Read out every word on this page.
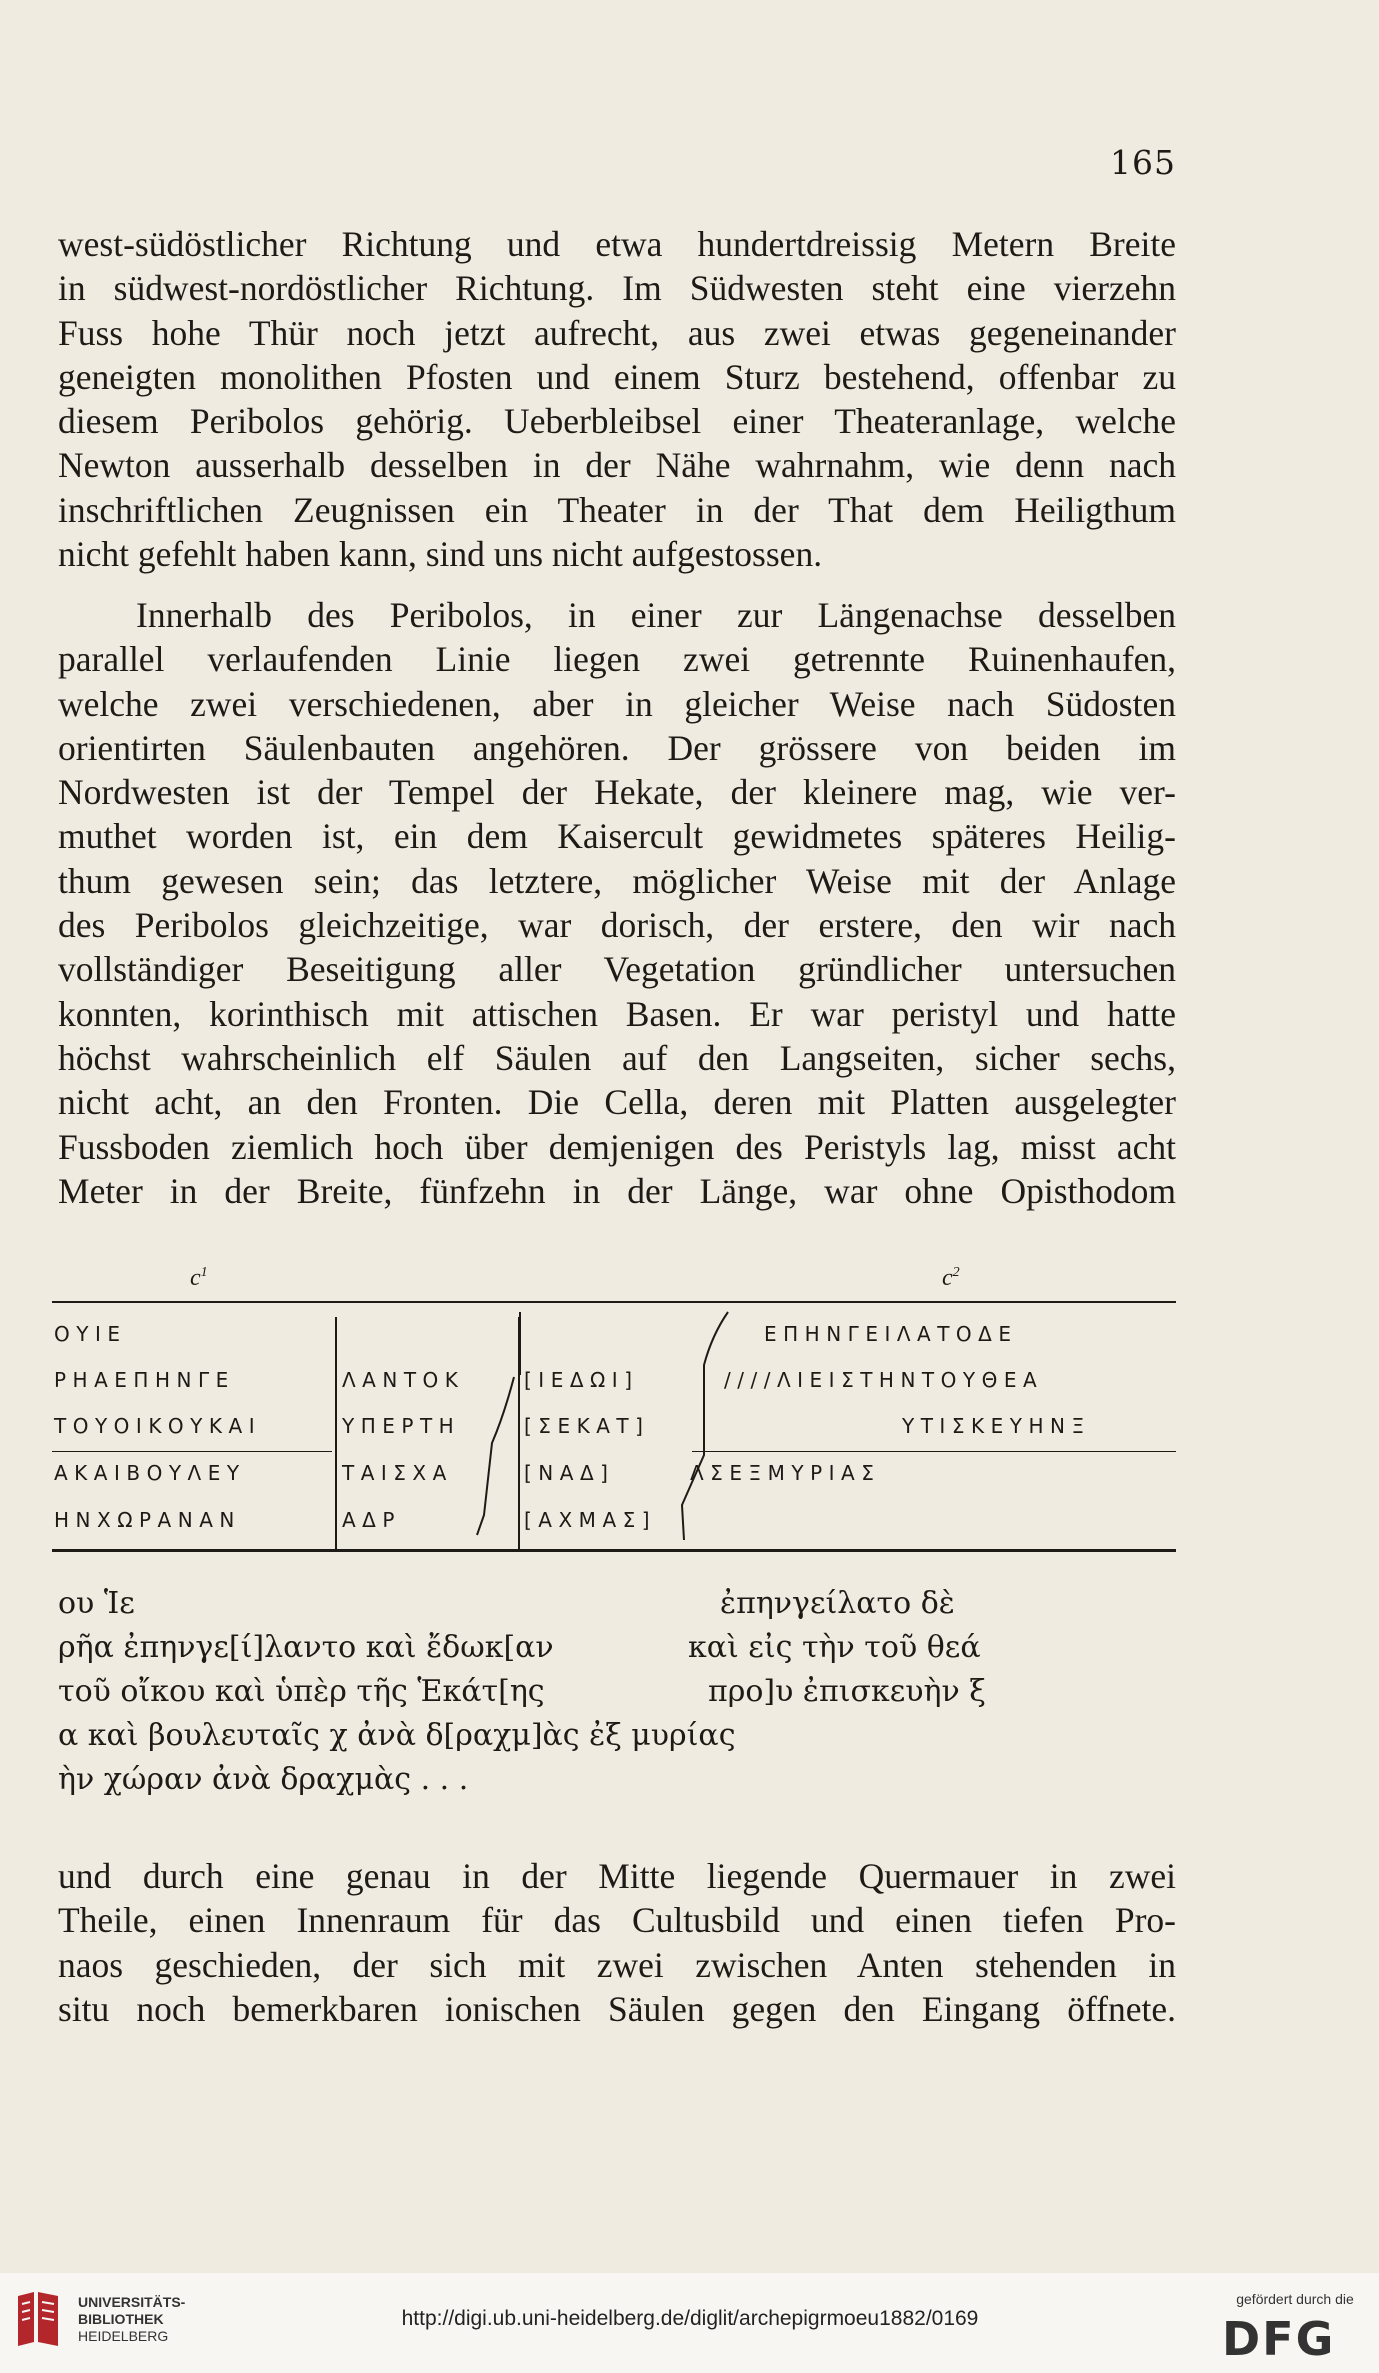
165
west-südöstlicher Richtung und etwa hundertdreissig Metern Breite
in südwest-nordöstlicher Richtung. Im Südwesten steht eine vierzehn
Fuss hohe Thür noch jetzt aufrecht, aus zwei etwas gegeneinander
geneigten monolithen Pfosten und einem Sturz bestehend, offenbar zu
diesem Peribolos gehörig. Ueberbleibsel einer Theateranlage, welche
Newton ausserhalb desselben in der Nähe wahrnahm, wie denn nach
inschriftlichen Zeugnissen ein Theater in der That dem Heiligthum
nicht gefehlt haben kann, sind uns nicht aufgestossen.
Innerhalb des Peribolos, in einer zur Längenachse desselben
parallel verlaufenden Linie liegen zwei getrennte Ruinenhaufen,
welche zwei verschiedenen, aber in gleicher Weise nach Südosten
orientirten Säulenbauten angehören. Der grössere von beiden im
Nordwesten ist der Tempel der Hekate, der kleinere mag, wie ver-
muthet worden ist, ein dem Kaisercult gewidmetes späteres Heilig-
thum gewesen sein; das letztere, möglicher Weise mit der Anlage
des Peribolos gleichzeitige, war dorisch, der erstere, den wir nach
vollständiger Beseitigung aller Vegetation gründlicher untersuchen
konnten, korinthisch mit attischen Basen. Er war peristyl und hatte
höchst wahrscheinlich elf Säulen auf den Langseiten, sicher sechs,
nicht acht, an den Fronten. Die Cella, deren mit Platten ausgelegter
Fussboden ziemlich hoch über demjenigen des Peristyls lag, misst acht
Meter in der Breite, fünfzehn in der Länge, war ohne Opisthodom
$c^1$	$c^2$
ΟΥΙΕ
ΡΗΑΕΠΗΝΓΕ
ΤΟΥΟΙΚΟΥΚΑΙ
ΑΚΑΙΒΟΥΛΕΥ
ΗΝΧΩΡΑΝΑΝ
ΛΑΝΤΟΚ
ΥΠΕΡΤΗ
ΤΑΙΣΧΑ
ΑΔΡ
[ΙΕΔΩΙ]
[ΣΕΚΑΤ]
[ΝΑΔ]
[ΑΧΜΑΣ]
ΕΠΗΝΓΕΙΛΑΤΟΔΕ
////ΛΙΕΙΣΤΗΝΤΟΥΘΕΑ
ΥΤΙΣΚΕΥΗΝΞ
ΛΣΕΞΜΥΡΙΑΣ
ου Ἱε
ρῆα ἐπηνγε[ί]λαντο καὶ ἔδωκ[αν
τοῦ οἴκου καὶ ὑπὲρ τῆς Ἑκάτ[ης
α καὶ βουλευταῖς χ ἀνὰ δ[ραχμ]ὰς ἐξ μυρίας
ὴν χώραν ἀνὰ δραχμὰς . . .
ἐπηνγείλατο δὲ
καὶ εἰς τὴν τοῦ θεά
προ]υ ἐπισκευὴν ξ
und durch eine genau in der Mitte liegende Quermauer in zwei
Theile, einen Innenraum für das Cultusbild und einen tiefen Pro-
naos geschieden, der sich mit zwei zwischen Anten stehenden in
situ noch bemerkbaren ionischen Säulen gegen den Eingang öffnete.
UNIVERSITÄTS-
BIBLIOTHEK
HEIDELBERG
http://digi.ub.uni-heidelberg.de/diglit/archepigrmoeu1882/0169
gefördert durch die
DFG
